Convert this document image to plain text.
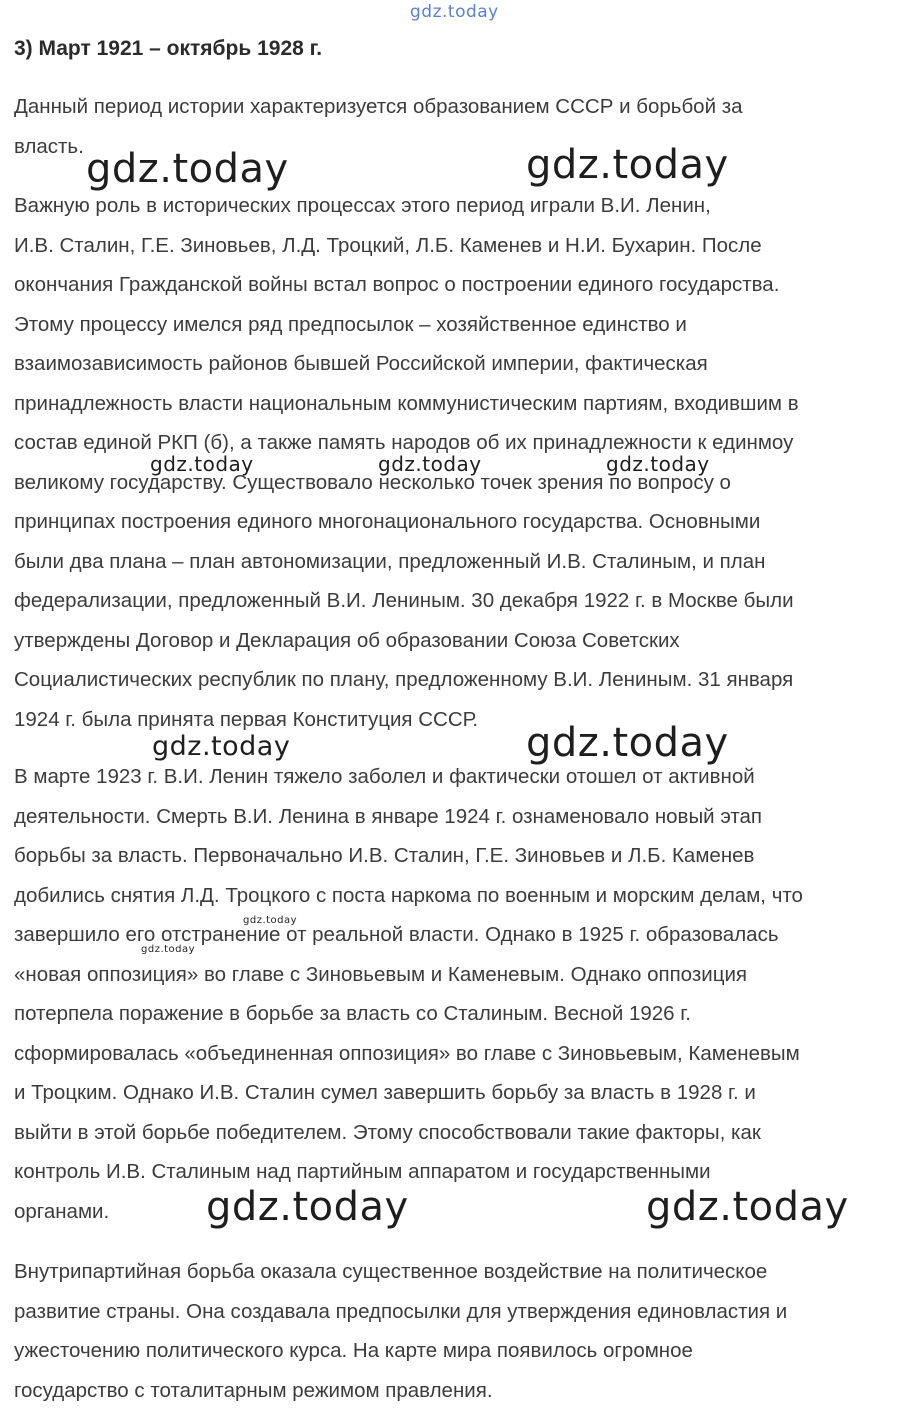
gdz.today
3) Март 1921 – октябрь 1928 г.

Данный период истории характеризуется образованием СССР и борьбой за
власть.

Важную роль в исторических процессах этого период играли В.И. Ленин,
И.В. Сталин, Г.Е. Зиновьев, Л.Д. Троцкий, Л.Б. Каменев и Н.И. Бухарин. После
окончания Гражданской войны встал вопрос о построении единого государства.
Этому процессу имелся ряд предпосылок – хозяйственное единство и
взаимозависимость районов бывшей Российской империи, фактическая
принадлежность власти национальным коммунистическим партиям, входившим в
состав единой РКП (б), а также память народов об их принадлежности к единмоу
великому государству. Существовало несколько точек зрения по вопросу о
принципах построения единого многонационального государства. Основными
были два плана – план автономизации, предложенный И.В. Сталиным, и план
федерализации, предложенный В.И. Лениным. 30 декабря 1922 г. в Москве были
утверждены Договор и Декларация об образовании Союза Советских
Социалистических республик по плану, предложенному В.И. Лениным. 31 января
1924 г. была принята первая Конституция СССР.

В марте 1923 г. В.И. Ленин тяжело заболел и фактически отошел от активной
деятельности. Смерть В.И. Ленина в январе 1924 г. ознаменовало новый этап
борьбы за власть. Первоначально И.В. Сталин, Г.Е. Зиновьев и Л.Б. Каменев
добились снятия Л.Д. Троцкого с поста наркома по военным и морским делам, что
завершило его отстранение от реальной власти. Однако в 1925 г. образовалась
«новая оппозиция» во главе с Зиновьевым и Каменевым. Однако оппозиция
потерпела поражение в борьбе за власть со Сталиным. Весной 1926 г.
сформировалась «объединенная оппозиция» во главе с Зиновьевым, Каменевым
и Троцким. Однако И.В. Сталин сумел завершить борьбу за власть в 1928 г. и
выйти в этой борьбе победителем. Этому способствовали такие факторы, как
контроль И.В. Сталиным над партийным аппаратом и государственными
органами.

Внутрипартийная борьба оказала существенное воздействие на политическое
развитие страны. Она создавала предпосылки для утверждения единовластия и
ужесточению политического курса. На карте мира появилось огромное
государство с тоталитарным режимом правления.

gdz.today	gdz.today
gdz.today	gdz.today	gdz.today
gdz.today	gdz.today
gdz.today
gdz.today
gdz.today	gdz.today
